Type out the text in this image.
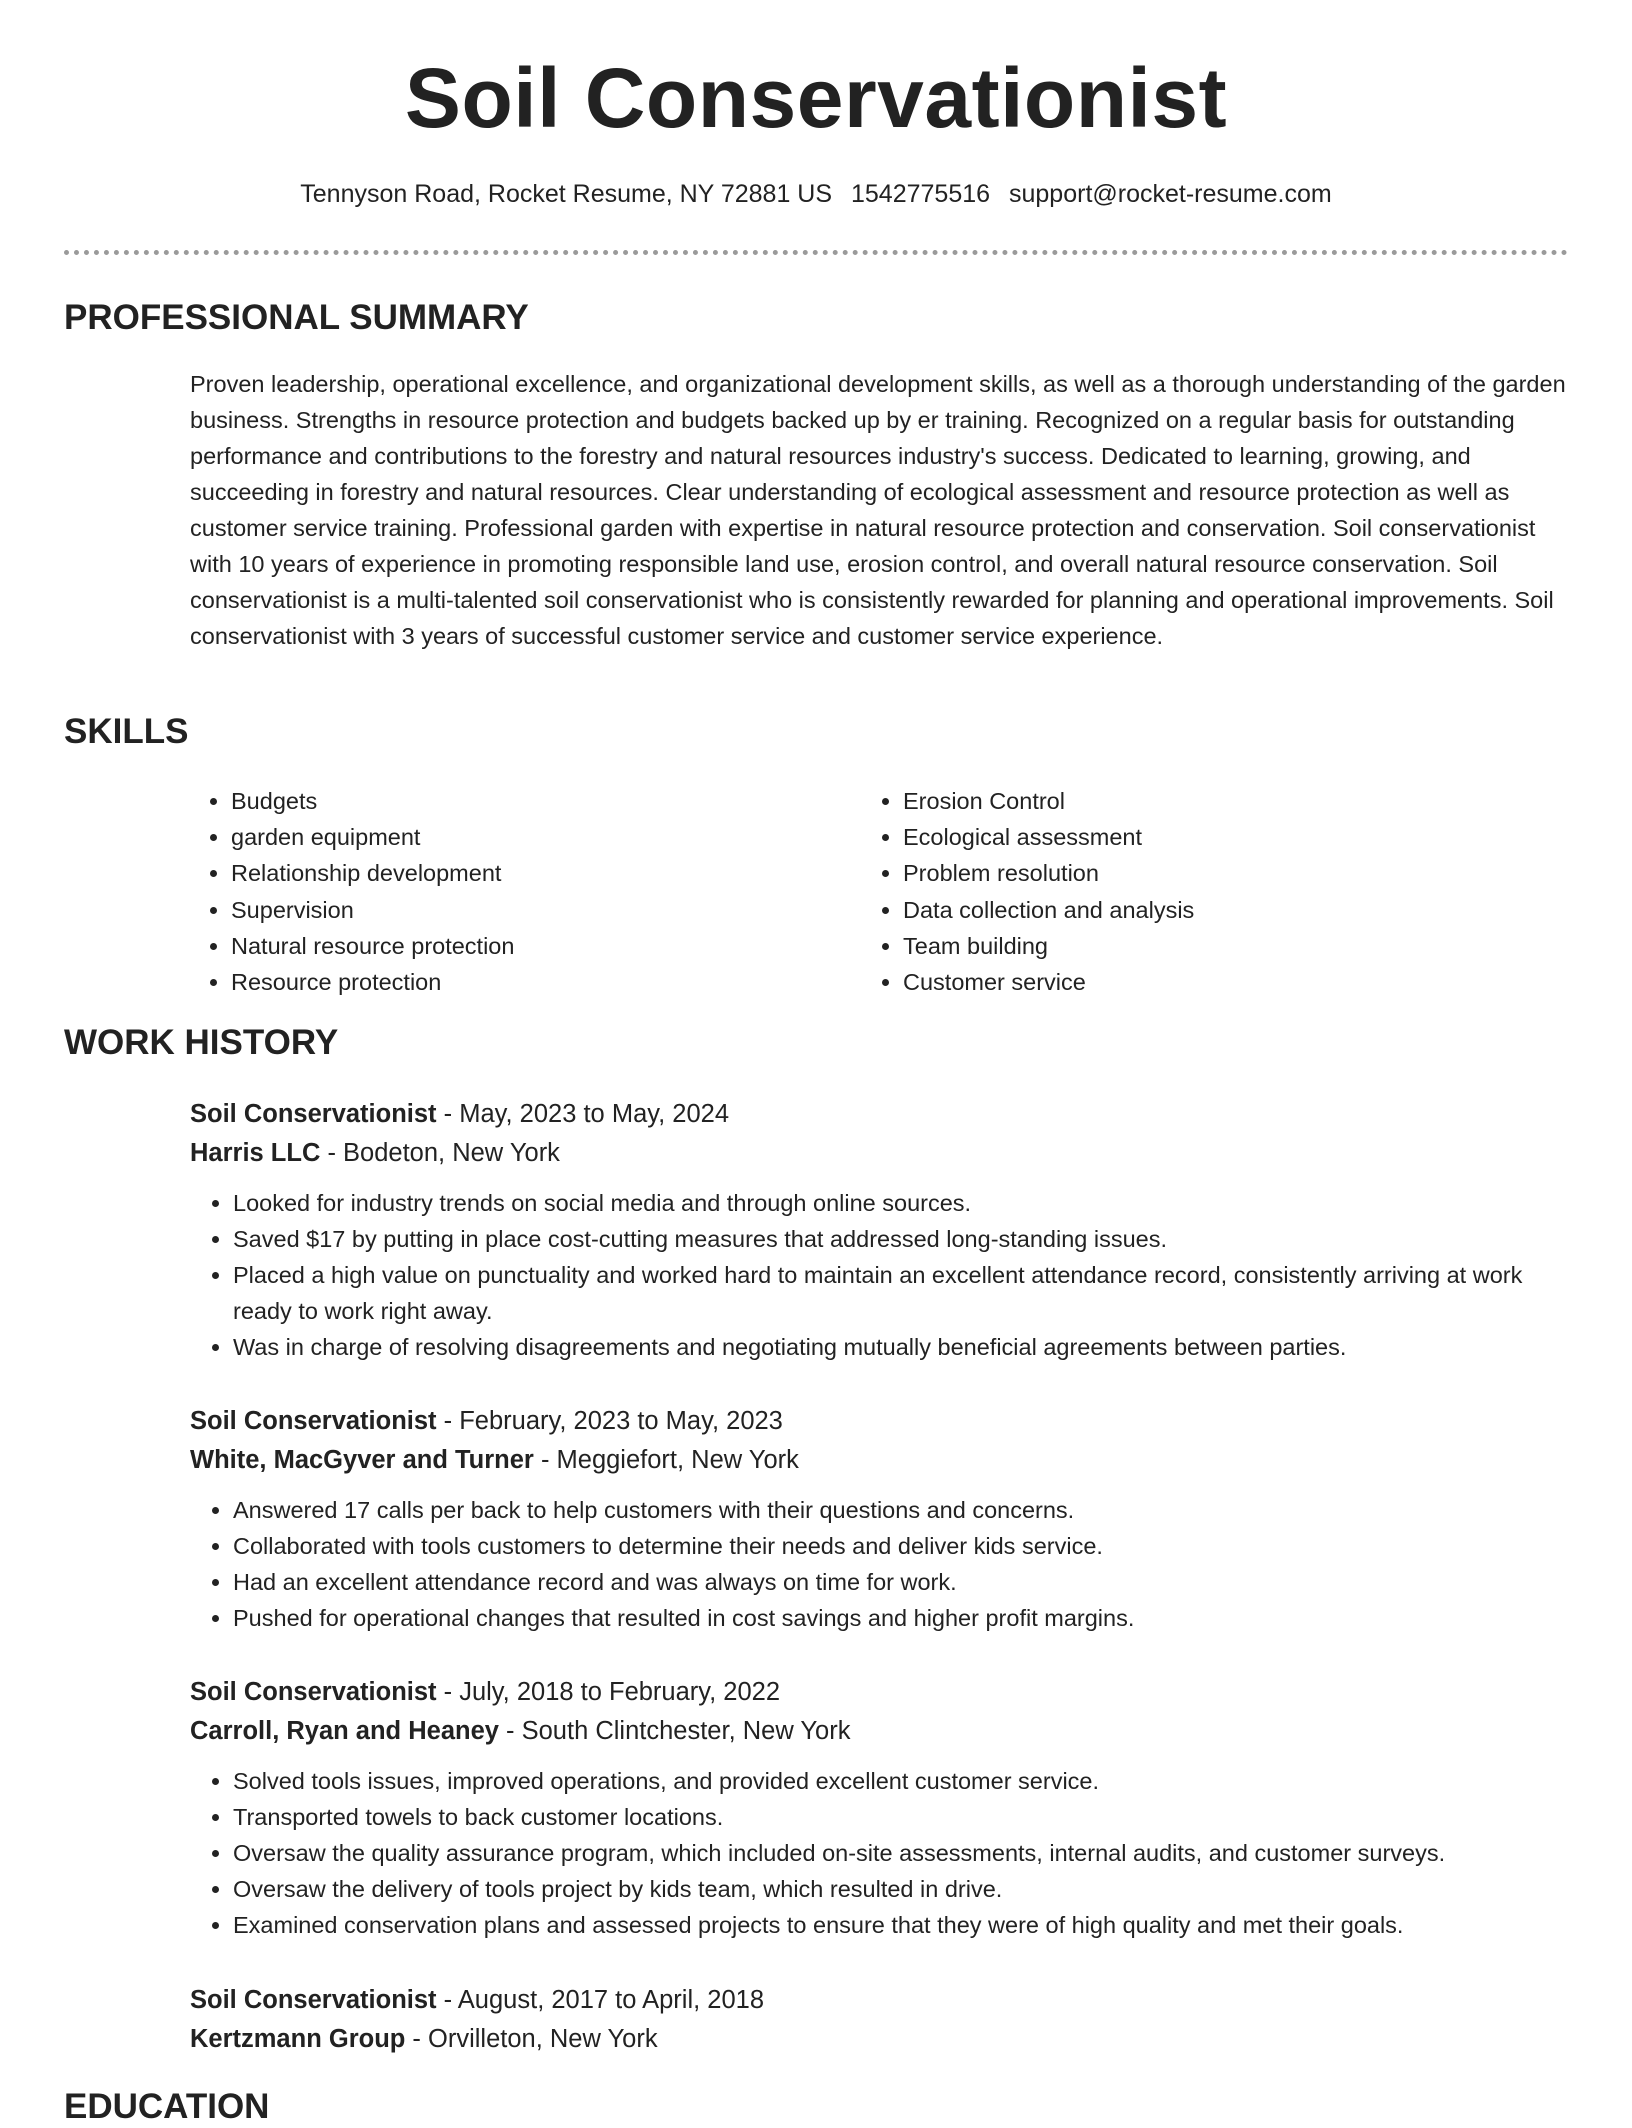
Soil Conservationist
Tennyson Road, Rocket Resume, NY 72881 US 1542775516 support@rocket-resume.com
PROFESSIONAL SUMMARY
Proven leadership, operational excellence, and organizational development skills, as well as a thorough understanding of the garden business. Strengths in resource protection and budgets backed up by er training. Recognized on a regular basis for outstanding performance and contributions to the forestry and natural resources industry's success. Dedicated to learning, growing, and succeeding in forestry and natural resources. Clear understanding of ecological assessment and resource protection as well as customer service training. Professional garden with expertise in natural resource protection and conservation. Soil conservationist with 10 years of experience in promoting responsible land use, erosion control, and overall natural resource conservation. Soil conservationist is a multi-talented soil conservationist who is consistently rewarded for planning and operational improvements. Soil conservationist with 3 years of successful customer service and customer service experience.
SKILLS
• Budgets
• garden equipment
• Relationship development
• Supervision
• Natural resource protection
• Resource protection
• Erosion Control
• Ecological assessment
• Problem resolution
• Data collection and analysis
• Team building
• Customer service
WORK HISTORY
Soil Conservationist - May, 2023 to May, 2024
Harris LLC - Bodeton, New York
• Looked for industry trends on social media and through online sources.
• Saved $17 by putting in place cost-cutting measures that addressed long-standing issues.
• Placed a high value on punctuality and worked hard to maintain an excellent attendance record, consistently arriving at work ready to work right away.
• Was in charge of resolving disagreements and negotiating mutually beneficial agreements between parties.
Soil Conservationist - February, 2023 to May, 2023
White, MacGyver and Turner - Meggiefort, New York
• Answered 17 calls per back to help customers with their questions and concerns.
• Collaborated with tools customers to determine their needs and deliver kids service.
• Had an excellent attendance record and was always on time for work.
• Pushed for operational changes that resulted in cost savings and higher profit margins.
Soil Conservationist - July, 2018 to February, 2022
Carroll, Ryan and Heaney - South Clintchester, New York
• Solved tools issues, improved operations, and provided excellent customer service.
• Transported towels to back customer locations.
• Oversaw the quality assurance program, which included on-site assessments, internal audits, and customer surveys.
• Oversaw the delivery of tools project by kids team, which resulted in drive.
• Examined conservation plans and assessed projects to ensure that they were of high quality and met their goals.
Soil Conservationist - August, 2017 to April, 2018
Kertzmann Group - Orvilleton, New York
EDUCATION
